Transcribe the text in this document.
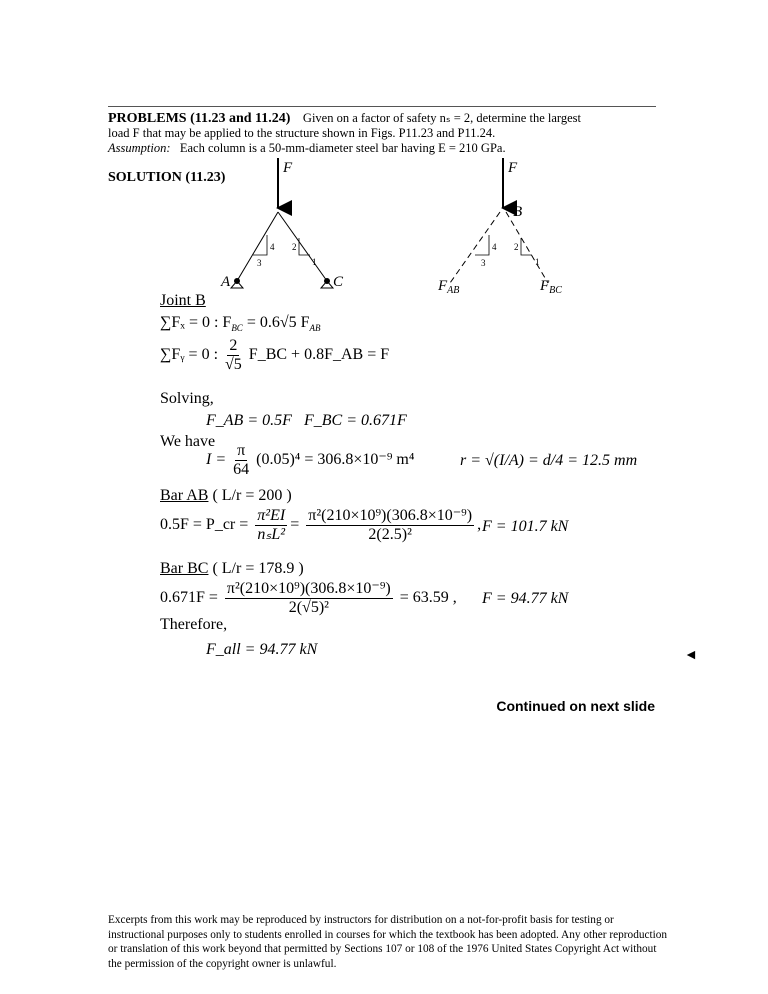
PROBLEMS (11.23 and 11.24) Given on a factor of safety nₛ = 2, determine the largest
load F that may be applied to the structure shown in Figs. P11.23 and P11.24.
Assumption: Each column is a 50-mm-diameter steel bar having E = 210 GPa.
SOLUTION (11.23)
F
4
3
2
1
A	C
F
B
4
3
2
1
$F_{AB}$	$F_{BC}$
Joint B
∑Fₓ = 0 : $F_{BC} = 0.6√5$ $F_{AB}$
∑Fᵧ = 0 : $\frac{2}{√5}$ F_BC + 0.8F_AB = F
Solving,
F_AB = 0.5F F_BC = 0.671F
We have
$I = \frac{\pi}{64} (0.05)^4 = 306.8\times 10^{-9}$ m⁴	r = √(I/A) = d/4 = 12.5 mm
Bar AB ( L/r = 200 )
0.5F = P_cr = $\frac{\text{π²EI}}{\text{nₛL²}} = \frac{\text{π²(210×10⁹)(306.8×10⁻⁹)}}{\text{2(2.5)²}}$ , F = 101.7 kN
Bar BC ( L/r = 178.9 )
$0.671F = \frac{\text{π²(210×10⁹)(306.8×10⁻⁹)}}{\text{2(√5)²}} = 63.59$ , F = 94.77 kN
Therefore,
F_all = 94.77 kN	◄
Continued on next slide
Excerpts from this work may be reproduced by instructors for distribution on a not-for-profit basis for testing or instructional purposes only to students enrolled in courses for which the textbook has been adopted. Any other reproduction or translation of this work beyond that permitted by Sections 107 or 108 of the 1976 United States Copyright Act without the permission of the copyright owner is unlawful.
